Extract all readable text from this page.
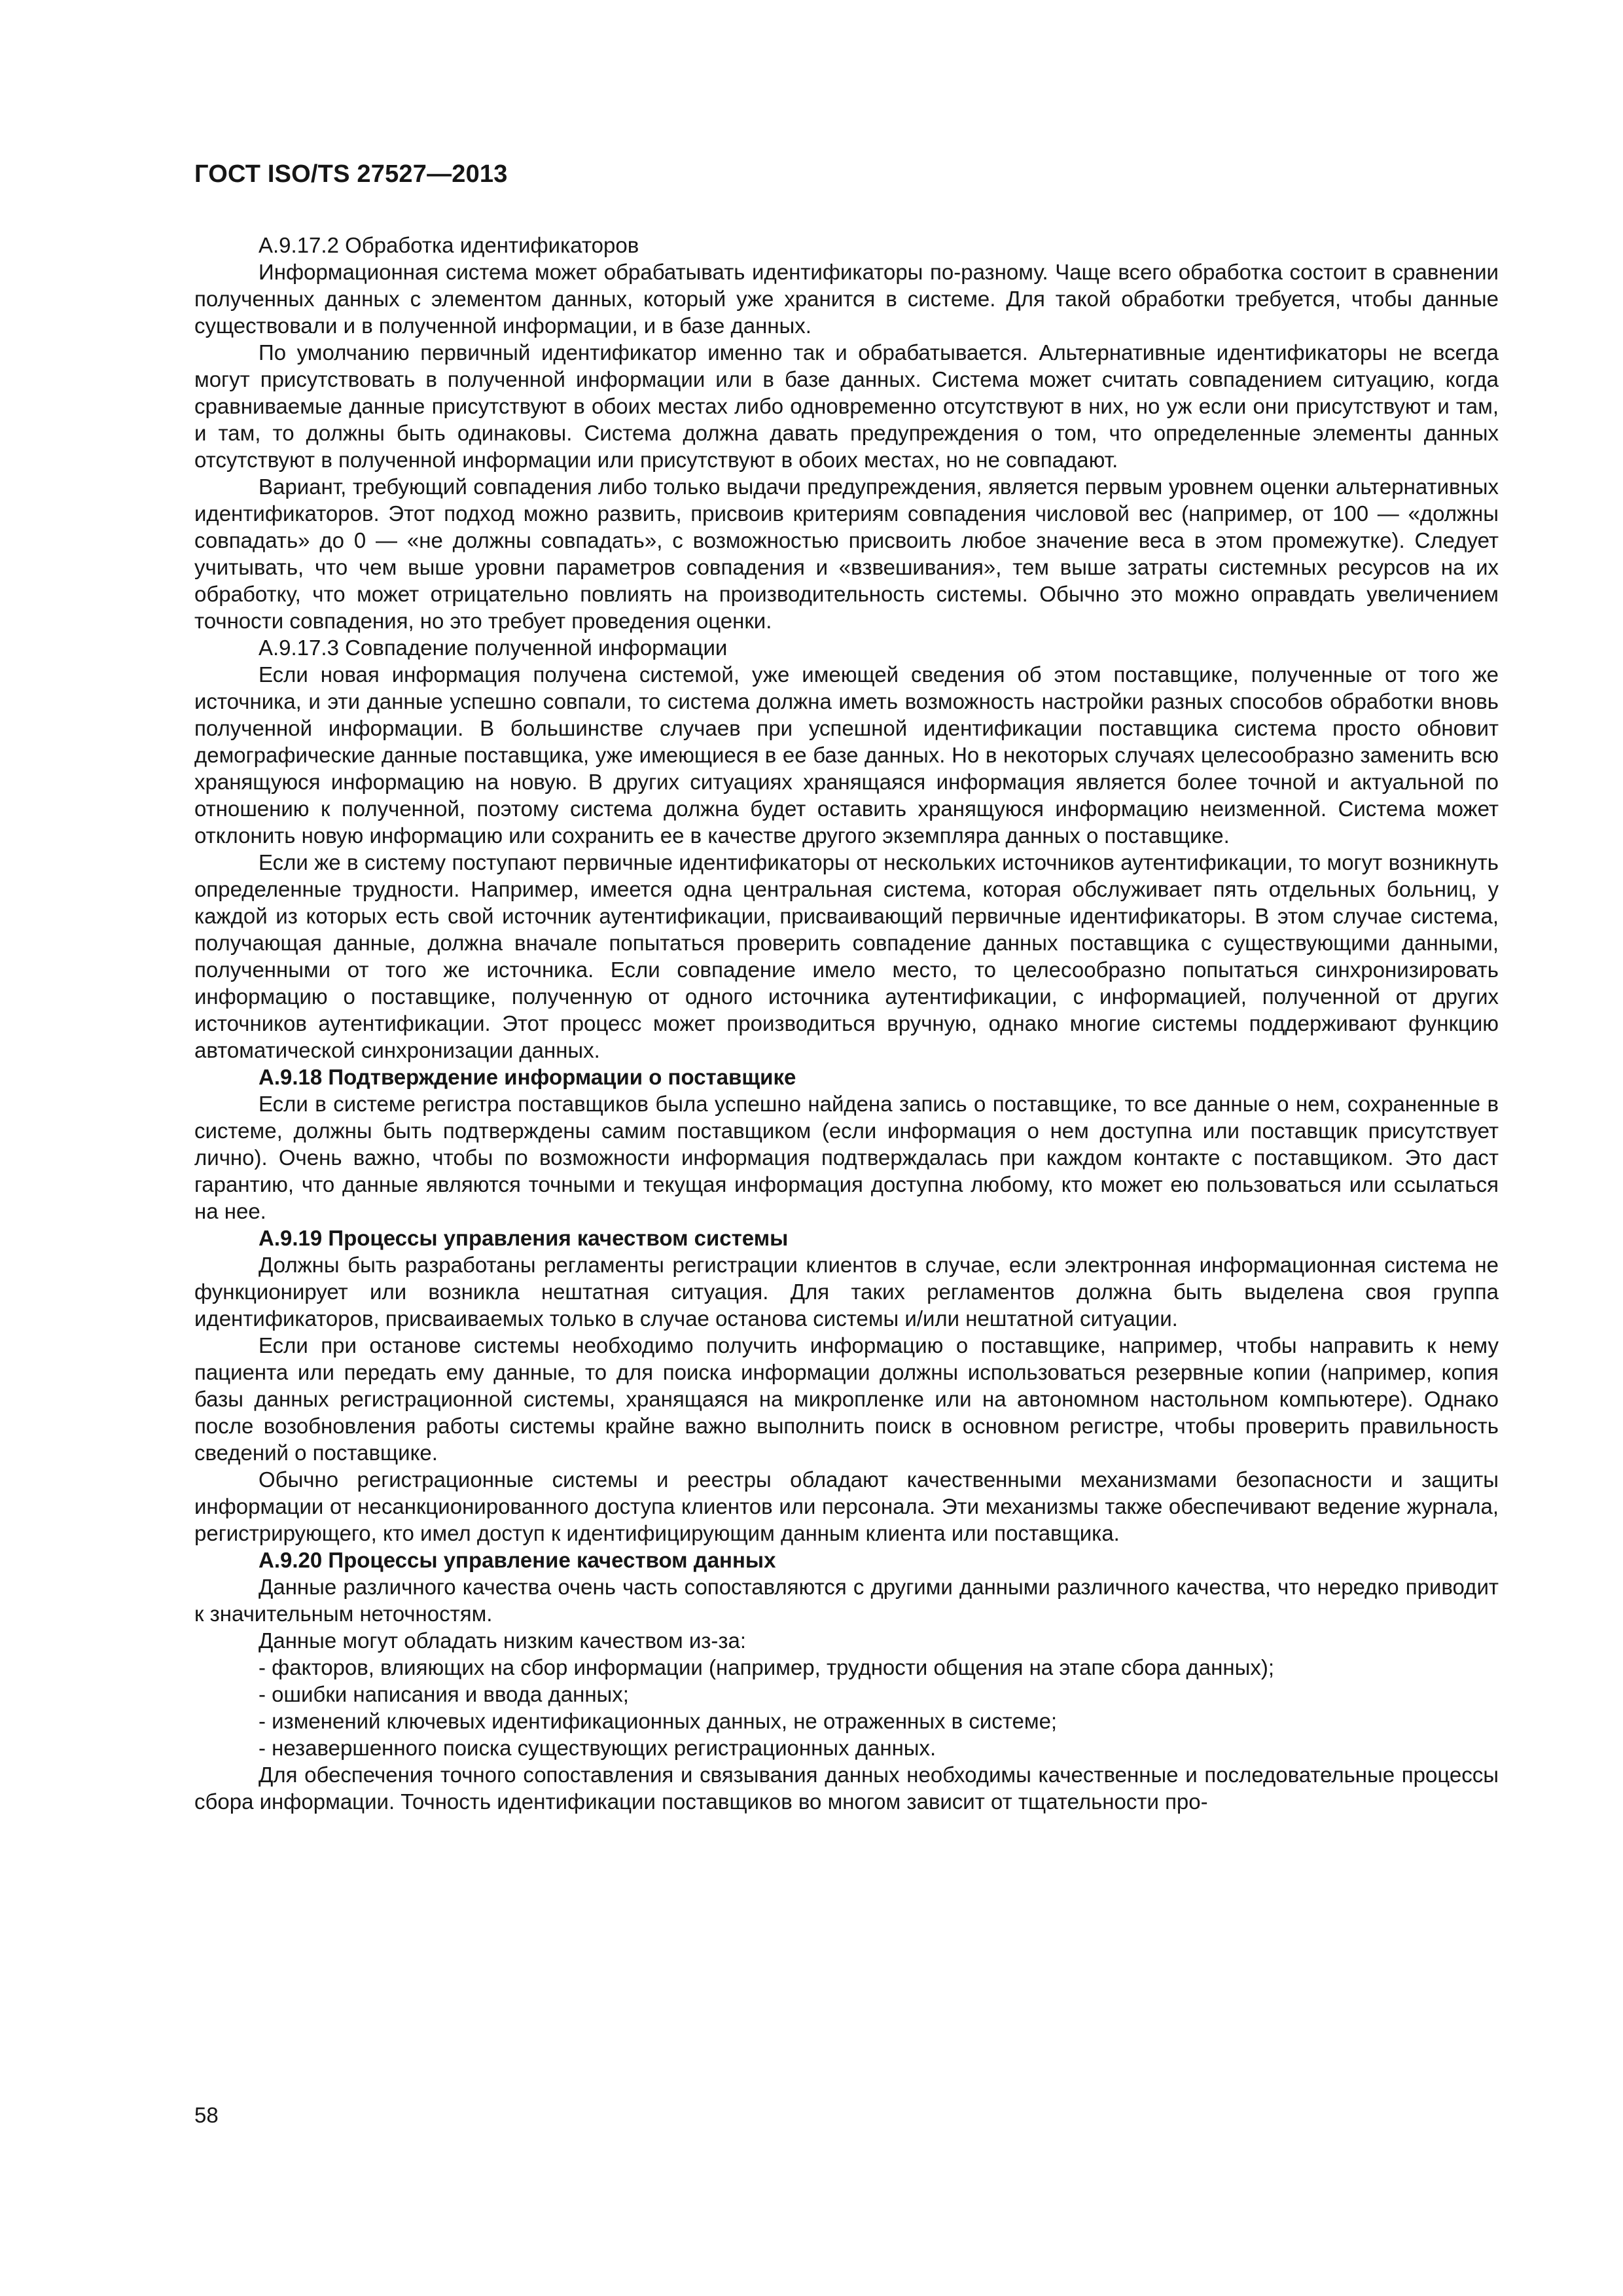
ГОСТ ISO/TS 27527—2013

А.9.17.2 Обработка идентификаторов

Информационная система может обрабатывать идентификаторы по-разному. Чаще всего обработка состоит в сравнении полученных данных с элементом данных, который уже хранится в системе. Для такой обработки требуется, чтобы данные существовали и в полученной информации, и в базе данных.

По умолчанию первичный идентификатор именно так и обрабатывается. Альтернативные идентификаторы не всегда могут присутствовать в полученной информации или в базе данных. Система может считать совпадением ситуацию, когда сравниваемые данные присутствуют в обоих местах либо одновременно отсутствуют в них, но уж если они присутствуют и там, и там, то должны быть одинаковы. Система должна давать предупреждения о том, что определенные элементы данных отсутствуют в полученной информации или присутствуют в обоих местах, но не совпадают.

Вариант, требующий совпадения либо только выдачи предупреждения, является первым уровнем оценки альтернативных идентификаторов. Этот подход можно развить, присвоив критериям совпадения числовой вес (например, от 100 — «должны совпадать» до 0 — «не должны совпадать», с возможностью присвоить любое значение веса в этом промежутке). Следует учитывать, что чем выше уровни параметров совпадения и «взвешивания», тем выше затраты системных ресурсов на их обработку, что может отрицательно повлиять на производительность системы. Обычно это можно оправдать увеличением точности совпадения, но это требует проведения оценки.

А.9.17.3 Совпадение полученной информации

Если новая информация получена системой, уже имеющей сведения об этом поставщике, полученные от того же источника, и эти данные успешно совпали, то система должна иметь возможность настройки разных способов обработки вновь полученной информации. В большинстве случаев при успешной идентификации поставщика система просто обновит демографические данные поставщика, уже имеющиеся в ее базе данных. Но в некоторых случаях целесообразно заменить всю хранящуюся информацию на новую. В других ситуациях хранящаяся информация является более точной и актуальной по отношению к полученной, поэтому система должна будет оставить хранящуюся информацию неизменной. Система может отклонить новую информацию или сохранить ее в качестве другого экземпляра данных о поставщике.

Если же в систему поступают первичные идентификаторы от нескольких источников аутентификации, то могут возникнуть определенные трудности. Например, имеется одна центральная система, которая обслуживает пять отдельных больниц, у каждой из которых есть свой источник аутентификации, присваивающий первичные идентификаторы. В этом случае система, получающая данные, должна вначале попытаться проверить совпадение данных поставщика с существующими данными, полученными от того же источника. Если совпадение имело место, то целесообразно попытаться синхронизировать информацию о поставщике, полученную от одного источника аутентификации, с информацией, полученной от других источников аутентификации. Этот процесс может производиться вручную, однако многие системы поддерживают функцию автоматической синхронизации данных.

А.9.18 Подтверждение информации о поставщике

Если в системе регистра поставщиков была успешно найдена запись о поставщике, то все данные о нем, сохраненные в системе, должны быть подтверждены самим поставщиком (если информация о нем доступна или поставщик присутствует лично). Очень важно, чтобы по возможности информация подтверждалась при каждом контакте с поставщиком. Это даст гарантию, что данные являются точными и текущая информация доступна любому, кто может ею пользоваться или ссылаться на нее.

А.9.19 Процессы управления качеством системы

Должны быть разработаны регламенты регистрации клиентов в случае, если электронная информационная система не функционирует или возникла нештатная ситуация. Для таких регламентов должна быть выделена своя группа идентификаторов, присваиваемых только в случае останова системы и/или нештатной ситуации.

Если при останове системы необходимо получить информацию о поставщике, например, чтобы направить к нему пациента или передать ему данные, то для поиска информации должны использоваться резервные копии (например, копия базы данных регистрационной системы, хранящаяся на микропленке или на автономном настольном компьютере). Однако после возобновления работы системы крайне важно выполнить поиск в основном регистре, чтобы проверить правильность сведений о поставщике.

Обычно регистрационные системы и реестры обладают качественными механизмами безопасности и защиты информации от несанкционированного доступа клиентов или персонала. Эти механизмы также обеспечивают ведение журнала, регистрирующего, кто имел доступ к идентифицирующим данным клиента или поставщика.

А.9.20 Процессы управление качеством данных

Данные различного качества очень часть сопоставляются с другими данными различного качества, что нередко приводит к значительным неточностям.

Данные могут обладать низким качеством из-за:

- факторов, влияющих на сбор информации (например, трудности общения на этапе сбора данных);

- ошибки написания и ввода данных;

- изменений ключевых идентификационных данных, не отраженных в системе;

- незавершенного поиска существующих регистрационных данных.

Для обеспечения точного сопоставления и связывания данных необходимы качественные и последовательные процессы сбора информации. Точность идентификации поставщиков во многом зависит от тщательности про-

58
